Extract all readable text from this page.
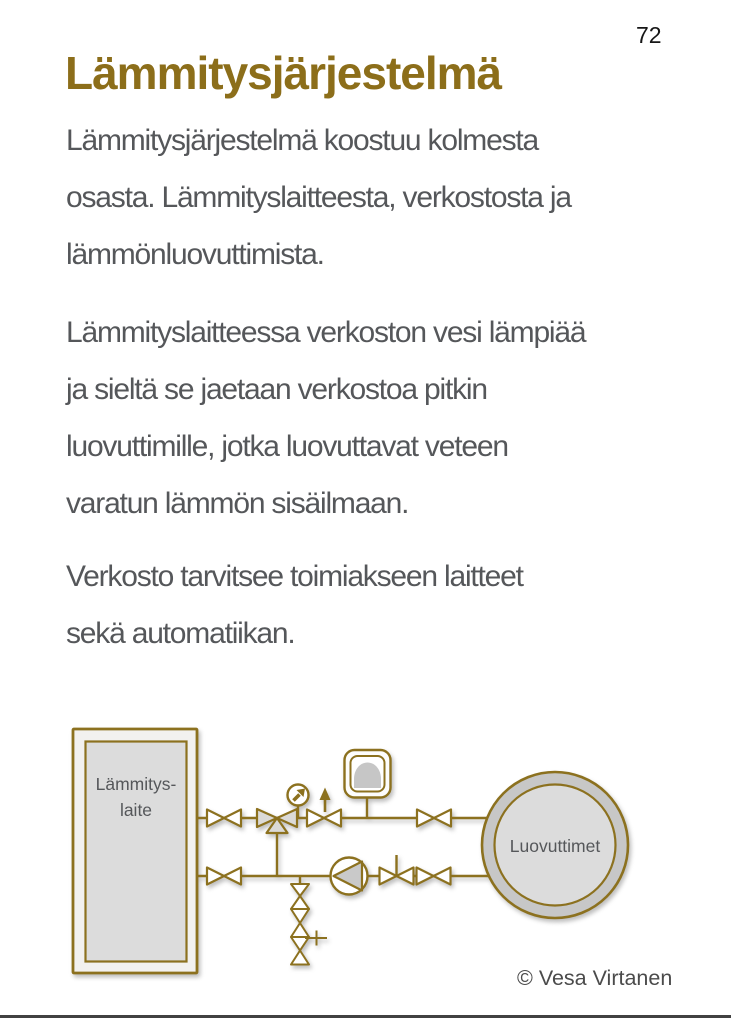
72
Lämmitysjärjestelmä
Lämmitysjärjestelmä koostuu kolmesta
osasta. Lämmityslaitteesta, verkostosta ja
lämmönluovuttimista.
Lämmityslaitteessa verkoston vesi lämpiää
ja sieltä se jaetaan verkostoa pitkin
luovuttimille, jotka luovuttavat veteen
varatun lämmön sisäilmaan.
Verkosto tarvitsee toimiakseen laitteet
sekä automatiikan.
Lämmitys-
laite
Luovuttimet
© Vesa Virtanen
